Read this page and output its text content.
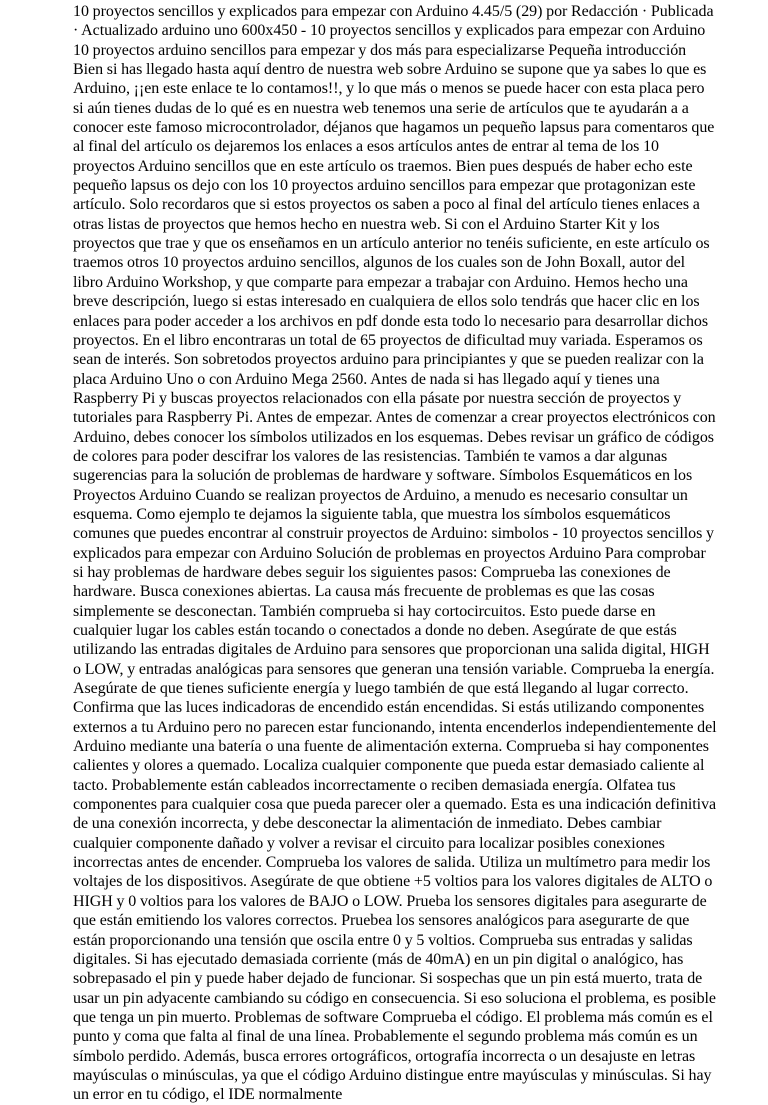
10 proyectos sencillos y explicados para empezar con Arduino 4.45/5 (29) por Redacción · Publicada · Actualizado arduino uno 600x450 - 10 proyectos sencillos y explicados para empezar con Arduino 10 proyectos arduino sencillos para empezar y dos más para especializarse Pequeña introducción Bien si has llegado hasta aquí dentro de nuestra web sobre Arduino se supone que ya sabes lo que es Arduino, ¡¡en este enlace te lo contamos!!, y lo que más o menos se puede hacer con esta placa pero si aún tienes dudas de lo qué es en nuestra web tenemos una serie de artículos que te ayudarán a a conocer este famoso microcontrolador, déjanos que hagamos un pequeño lapsus para comentaros que al final del artículo os dejaremos los enlaces a esos artículos antes de entrar al tema de los 10 proyectos Arduino sencillos que en este artículo os traemos. Bien pues después de haber echo este pequeño lapsus os dejo con los 10 proyectos arduino sencillos para empezar que protagonizan este artículo. Solo recordaros que si estos proyectos os saben a poco al final del artículo tienes enlaces a otras listas de proyectos que hemos hecho en nuestra web. Si con el Arduino Starter Kit y los proyectos que trae y que os enseñamos en un artículo anterior no tenéis suficiente, en este artículo os traemos otros 10 proyectos arduino sencillos, algunos de los cuales son de John Boxall, autor del libro Arduino Workshop, y que comparte para empezar a trabajar con Arduino. Hemos hecho una breve descripción, luego si estas interesado en cualquiera de ellos solo tendrás que hacer clic en los enlaces para poder acceder a los archivos en pdf donde esta todo lo necesario para desarrollar dichos proyectos. En el libro encontraras un total de 65 proyectos de dificultad muy variada. Esperamos os sean de interés. Son sobretodos proyectos arduino para principiantes y que se pueden realizar con la placa Arduino Uno o con Arduino Mega 2560. Antes de nada si has llegado aquí y tienes una Raspberry Pi y buscas proyectos relacionados con ella pásate por nuestra sección de proyectos y tutoriales para Raspberry Pi. Antes de empezar. Antes de comenzar a crear proyectos electrónicos con Arduino, debes conocer los símbolos utilizados en los esquemas. Debes revisar un gráfico de códigos de colores para poder descifrar los valores de las resistencias. También te vamos a dar algunas sugerencias para la solución de problemas de hardware y software. Símbolos Esquemáticos en los Proyectos Arduino Cuando se realizan proyectos de Arduino, a menudo es necesario consultar un esquema. Como ejemplo te dejamos la siguiente tabla, que muestra los símbolos esquemáticos comunes que puedes encontrar al construir proyectos de Arduino: simbolos - 10 proyectos sencillos y explicados para empezar con Arduino Solución de problemas en proyectos Arduino Para comprobar si hay problemas de hardware debes seguir los siguientes pasos: Comprueba las conexiones de hardware. Busca conexiones abiertas. La causa más frecuente de problemas es que las cosas simplemente se desconectan. También comprueba si hay cortocircuitos. Esto puede darse en cualquier lugar los cables están tocando o conectados a donde no deben. Asegúrate de que estás utilizando las entradas digitales de Arduino para sensores que proporcionan una salida digital, HIGH o LOW, y entradas analógicas para sensores que generan una tensión variable. Comprueba la energía. Asegúrate de que tienes suficiente energía y luego también de que está llegando al lugar correcto. Confirma que las luces indicadoras de encendido están encendidas. Si estás utilizando componentes externos a tu Arduino pero no parecen estar funcionando, intenta encenderlos independientemente del Arduino mediante una batería o una fuente de alimentación externa. Comprueba si hay componentes calientes y olores a quemado. Localiza cualquier componente que pueda estar demasiado caliente al tacto. Probablemente están cableados incorrectamente o reciben demasiada energía. Olfatea tus componentes para cualquier cosa que pueda parecer oler a quemado. Esta es una indicación definitiva de una conexión incorrecta, y debe desconectar la alimentación de inmediato. Debes cambiar cualquier componente dañado y volver a revisar el circuito para localizar posibles conexiones incorrectas antes de encender. Comprueba los valores de salida. Utiliza un multímetro para medir los voltajes de los dispositivos. Asegúrate de que obtiene +5 voltios para los valores digitales de ALTO o HIGH y 0 voltios para los valores de BAJO o LOW. Prueba los sensores digitales para asegurarte de que están emitiendo los valores correctos. Pruebea los sensores analógicos para asegurarte de que están proporcionando una tensión que oscila entre 0 y 5 voltios. Comprueba sus entradas y salidas digitales. Si has ejecutado demasiada corriente (más de 40mA) en un pin digital o analógico, has sobrepasado el pin y puede haber dejado de funcionar. Si sospechas que un pin está muerto, trata de usar un pin adyacente cambiando su código en consecuencia. Si eso soluciona el problema, es posible que tenga un pin muerto. Problemas de software Comprueba el código. El problema más común es el punto y coma que falta al final de una línea. Probablemente el segundo problema más común es un símbolo perdido. Además, busca errores ortográficos, ortografía incorrecta o un desajuste en letras mayúsculas o minúsculas, ya que el código Arduino distingue entre mayúsculas y minúsculas. Si hay un error en tu código, el IDE normalmente
